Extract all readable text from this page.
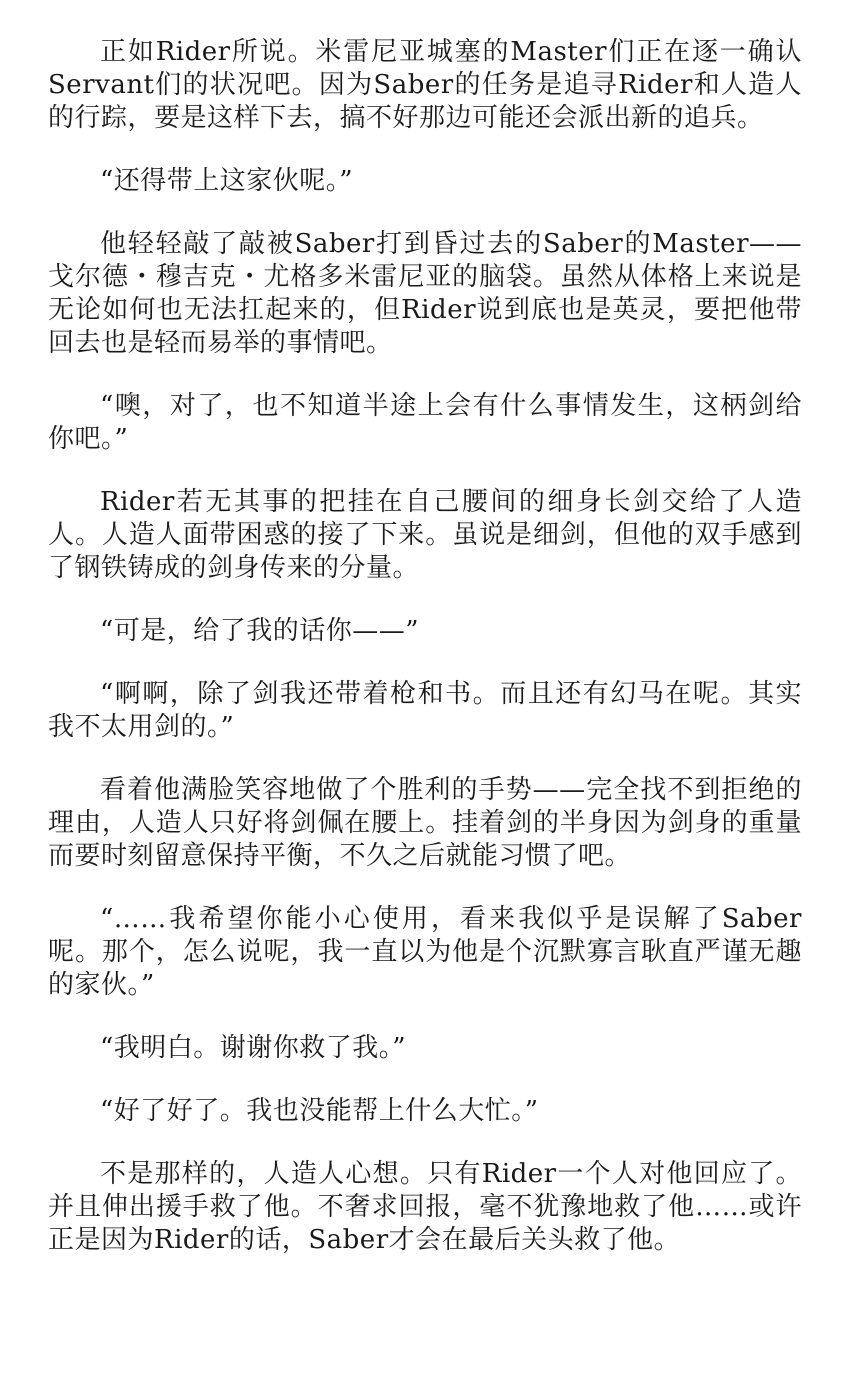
正如Rider所说。米雷尼亚城塞的Master们正在逐一确认Servant们的状况吧。因为Saber的任务是追寻Rider和人造人的行踪，要是这样下去，搞不好那边可能还会派出新的追兵。

“还得带上这家伙呢。”

他轻轻敲了敲被Saber打到昏过去的Saber的Master——戈尔德・穆吉克・尤格多米雷尼亚的脑袋。虽然从体格上来说是无论如何也无法扛起来的，但Rider说到底也是英灵，要把他带回去也是轻而易举的事情吧。

“噢，对了，也不知道半途上会有什么事情发生，这柄剑给你吧。”

Rider若无其事的把挂在自己腰间的细身长剑交给了人造人。人造人面带困惑的接了下来。虽说是细剑，但他的双手感到了钢铁铸成的剑身传来的分量。

“可是，给了我的话你——”

“啊啊，除了剑我还带着枪和书。而且还有幻马在呢。其实我不太用剑的。”

看着他满脸笑容地做了个胜利的手势——完全找不到拒绝的理由，人造人只好将剑佩在腰上。挂着剑的半身因为剑身的重量而要时刻留意保持平衡，不久之后就能习惯了吧。

“……我希望你能小心使用，看来我似乎是误解了Saber呢。那个，怎么说呢，我一直以为他是个沉默寡言耿直严谨无趣的家伙。”

“我明白。谢谢你救了我。”

“好了好了。我也没能帮上什么大忙。”

不是那样的，人造人心想。只有Rider一个人对他回应了。并且伸出援手救了他。不奢求回报，毫不犹豫地救了他……或许正是因为Rider的话，Saber才会在最后关头救了他。
